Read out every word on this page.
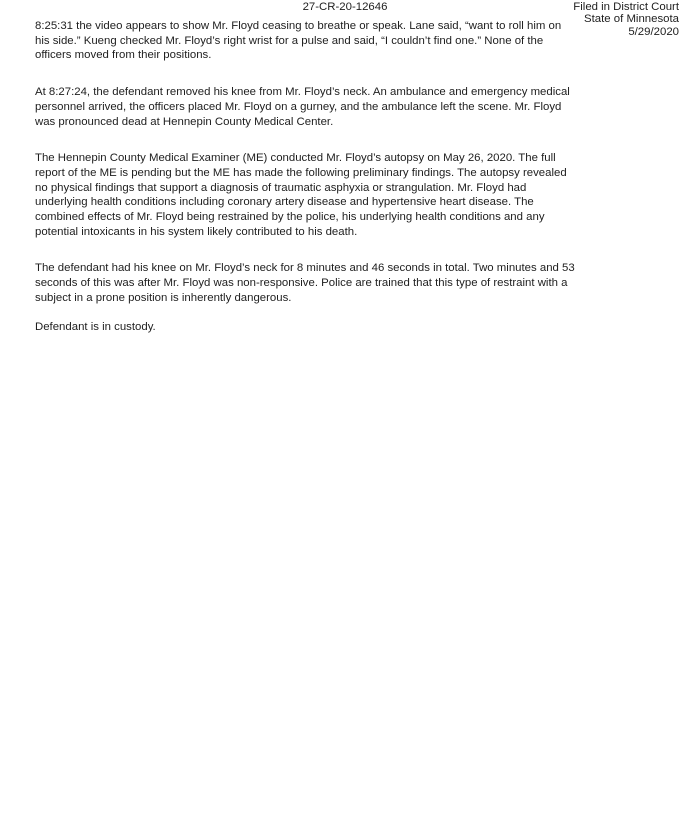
27-CR-20-12646	Filed in District Court
State of Minnesota
5/29/2020
8:25:31 the video appears to show Mr. Floyd ceasing to breathe or speak. Lane said, “want to roll him on
his side.” Kueng checked Mr. Floyd’s right wrist for a pulse and said, “I couldn’t find one.” None of the
officers moved from their positions.
At 8:27:24, the defendant removed his knee from Mr. Floyd’s neck. An ambulance and emergency medical
personnel arrived, the officers placed Mr. Floyd on a gurney, and the ambulance left the scene. Mr. Floyd
was pronounced dead at Hennepin County Medical Center.
The Hennepin County Medical Examiner (ME) conducted Mr. Floyd’s autopsy on May 26, 2020. The full
report of the ME is pending but the ME has made the following preliminary findings. The autopsy revealed
no physical findings that support a diagnosis of traumatic asphyxia or strangulation. Mr. Floyd had
underlying health conditions including coronary artery disease and hypertensive heart disease. The
combined effects of Mr. Floyd being restrained by the police, his underlying health conditions and any
potential intoxicants in his system likely contributed to his death.
The defendant had his knee on Mr. Floyd’s neck for 8 minutes and 46 seconds in total. Two minutes and 53
seconds of this was after Mr. Floyd was non-responsive. Police are trained that this type of restraint with a
subject in a prone position is inherently dangerous.
Defendant is in custody.
